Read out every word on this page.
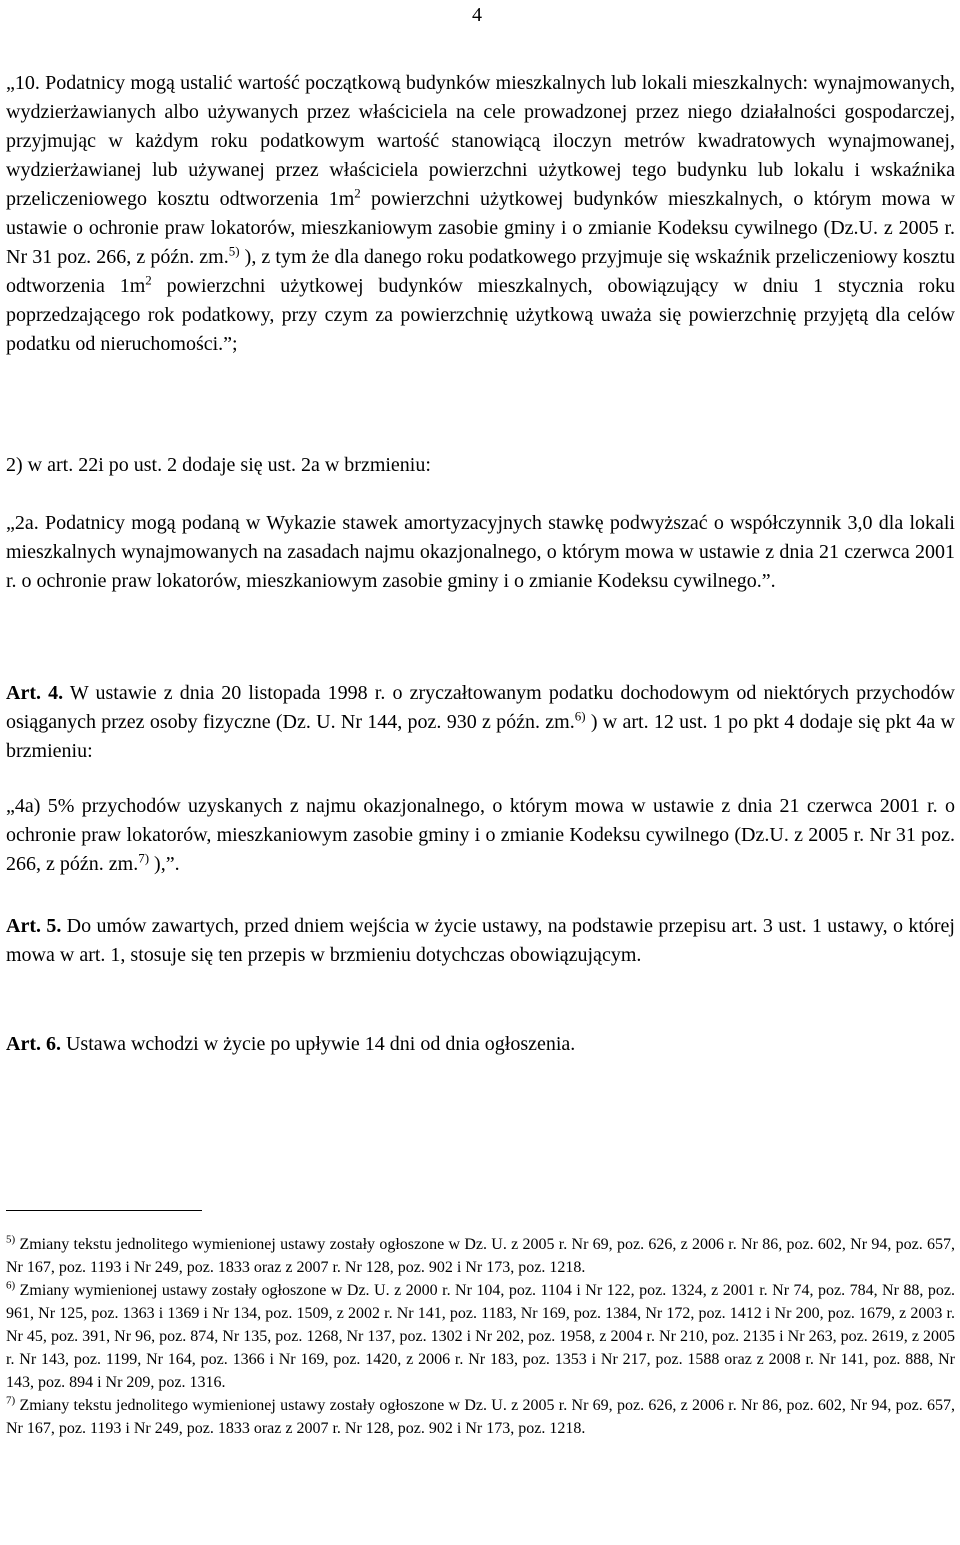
4

„10. Podatnicy mogą ustalić wartość początkową budynków mieszkalnych lub lokali mieszkalnych: wynajmowanych, wydzierżawianych albo używanych przez właściciela na cele prowadzonej przez niego działalności gospodarczej, przyjmując w każdym roku podatkowym wartość stanowiącą iloczyn metrów kwadratowych wynajmowanej, wydzierżawianej lub używanej przez właściciela powierzchni użytkowej tego budynku lub lokalu i wskaźnika przeliczeniowego kosztu odtworzenia $1m^2$ powierzchni użytkowej budynków mieszkalnych, o którym mowa w ustawie o ochronie praw lokatorów, mieszkaniowym zasobie gminy i o zmianie Kodeksu cywilnego (Dz.U. z 2005 r. Nr 31 poz. 266, z późn. zm.$^{5)}$ ), z tym że dla danego roku podatkowego przyjmuje się wskaźnik przeliczeniowy kosztu odtworzenia $1m^2$ powierzchni użytkowej budynków mieszkalnych, obowiązujący w dniu 1 stycznia roku poprzedzającego rok podatkowy, przy czym za powierzchnię użytkową uważa się powierzchnię przyjętą dla celów podatku od nieruchomości.”;

2) w art. 22i po ust. 2 dodaje się ust. 2a w brzmieniu:

„2a. Podatnicy mogą podaną w Wykazie stawek amortyzacyjnych stawkę podwyższać o współczynnik 3,0 dla lokali mieszkalnych wynajmowanych na zasadach najmu okazjonalnego, o którym mowa w ustawie z dnia 21 czerwca 2001 r. o ochronie praw lokatorów, mieszkaniowym zasobie gminy i o zmianie Kodeksu cywilnego.”.

Art. 4. W ustawie z dnia 20 listopada 1998 r. o zryczałtowanym podatku dochodowym od niektórych przychodów osiąganych przez osoby fizyczne (Dz. U. Nr 144, poz. 930 z późn. zm.$^{6)}$ ) w art. 12 ust. 1 po pkt 4 dodaje się pkt 4a w brzmieniu:

„4a) 5% przychodów uzyskanych z najmu okazjonalnego, o którym mowa w ustawie z dnia 21 czerwca 2001 r. o ochronie praw lokatorów, mieszkaniowym zasobie gminy i o zmianie Kodeksu cywilnego (Dz.U. z 2005 r. Nr 31 poz. 266, z późn. zm.$^{7)}$ ),”.

Art. 5. Do umów zawartych, przed dniem wejścia w życie ustawy, na podstawie przepisu art. 3 ust. 1 ustawy, o której mowa w art. 1, stosuje się ten przepis w brzmieniu dotychczas obowiązującym.

Art. 6. Ustawa wchodzi w życie po upływie 14 dni od dnia ogłoszenia.

$^{5)}$ Zmiany tekstu jednolitego wymienionej ustawy zostały ogłoszone w Dz. U. z 2005 r. Nr 69, poz. 626, z 2006 r. Nr 86, poz. 602, Nr 94, poz. 657, Nr 167, poz. 1193 i Nr 249, poz. 1833 oraz z 2007 r. Nr 128, poz. 902 i Nr 173, poz. 1218.

$^{6)}$ Zmiany wymienionej ustawy zostały ogłoszone w Dz. U. z 2000 r. Nr 104, poz. 1104 i Nr 122, poz. 1324, z 2001 r. Nr 74, poz. 784, Nr 88, poz. 961, Nr 125, poz. 1363 i 1369 i Nr 134, poz. 1509, z 2002 r. Nr 141, poz. 1183, Nr 169, poz. 1384, Nr 172, poz. 1412 i Nr 200, poz. 1679, z 2003 r. Nr 45, poz. 391, Nr 96, poz. 874, Nr 135, poz. 1268, Nr 137, poz. 1302 i Nr 202, poz. 1958, z 2004 r. Nr 210, poz. 2135 i Nr 263, poz. 2619, z 2005 r. Nr 143, poz. 1199, Nr 164, poz. 1366 i Nr 169, poz. 1420, z 2006 r. Nr 183, poz. 1353 i Nr 217, poz. 1588 oraz z 2008 r. Nr 141, poz. 888, Nr 143, poz. 894 i Nr 209, poz. 1316.

$^{7)}$ Zmiany tekstu jednolitego wymienionej ustawy zostały ogłoszone w Dz. U. z 2005 r. Nr 69, poz. 626, z 2006 r. Nr 86, poz. 602, Nr 94, poz. 657, Nr 167, poz. 1193 i Nr 249, poz. 1833 oraz z 2007 r. Nr 128, poz. 902 i Nr 173, poz. 1218.
